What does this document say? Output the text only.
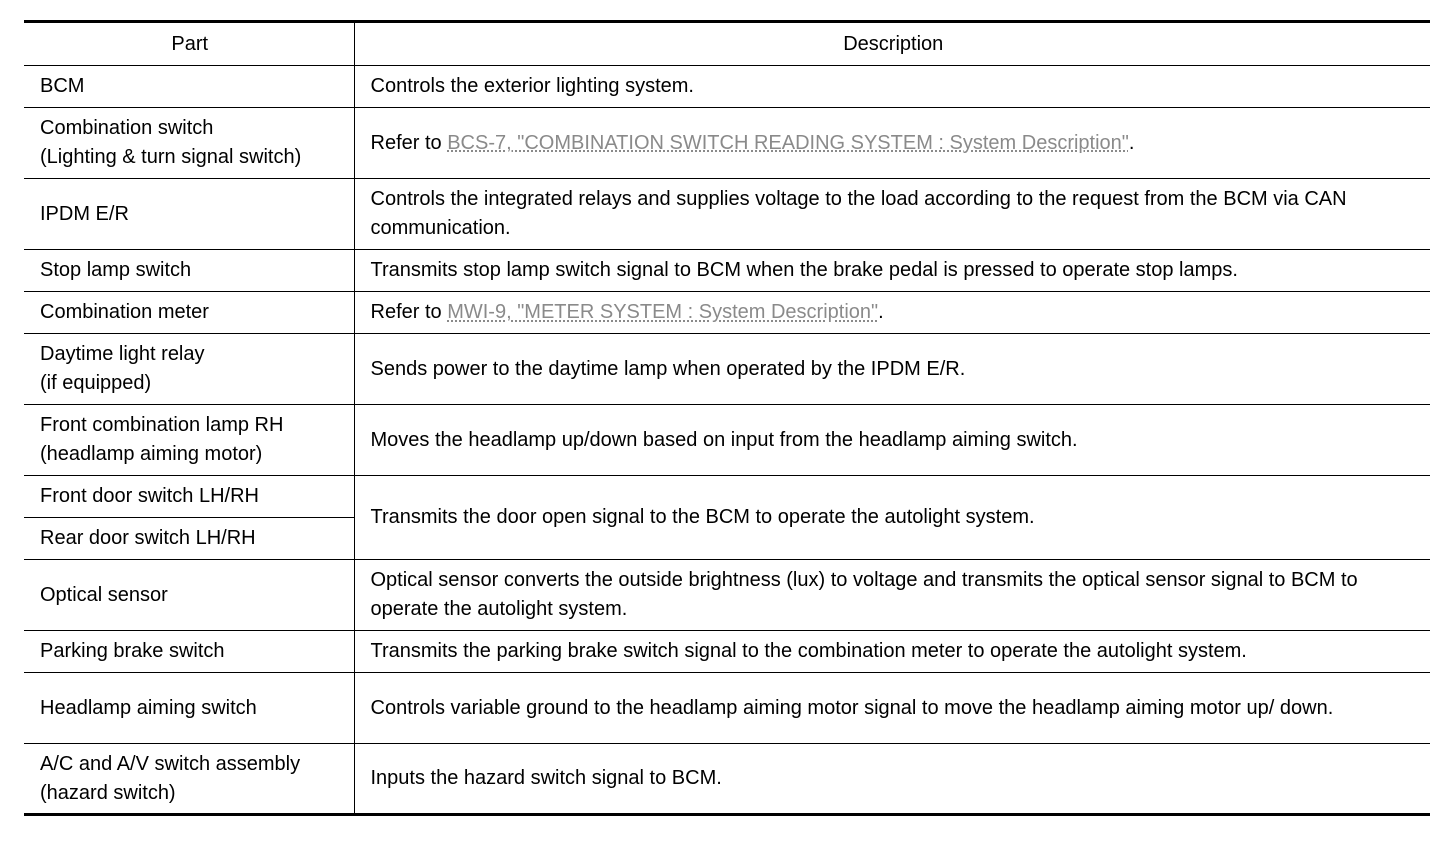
Part	Description
BCM	Controls the exterior lighting system.
Combination switch
(Lighting & turn signal switch)	Refer to BCS-7, "COMBINATION SWITCH READING SYSTEM : System Description".
IPDM E/R	Controls the integrated relays and supplies voltage to the load according to the request from the BCM via CAN communication.
Stop lamp switch	Transmits stop lamp switch signal to BCM when the brake pedal is pressed to operate stop lamps.
Combination meter	Refer to MWI-9, "METER SYSTEM : System Description".
Daytime light relay
(if equipped)	Sends power to the daytime lamp when operated by the IPDM E/R.
Front combination lamp RH
(headlamp aiming motor)	Moves the headlamp up/down based on input from the headlamp aiming switch.
Front door switch LH/RH	Transmits the door open signal to the BCM to operate the autolight system.
Rear door switch LH/RH	
Optical sensor	Optical sensor converts the outside brightness (lux) to voltage and transmits the optical sensor signal to BCM to operate the autolight system.
Parking brake switch	Transmits the parking brake switch signal to the combination meter to operate the autolight system.
Headlamp aiming switch	Controls variable ground to the headlamp aiming motor signal to move the headlamp aiming motor up/ down.
A/C and A/V switch assembly
(hazard switch)	Inputs the hazard switch signal to BCM.
